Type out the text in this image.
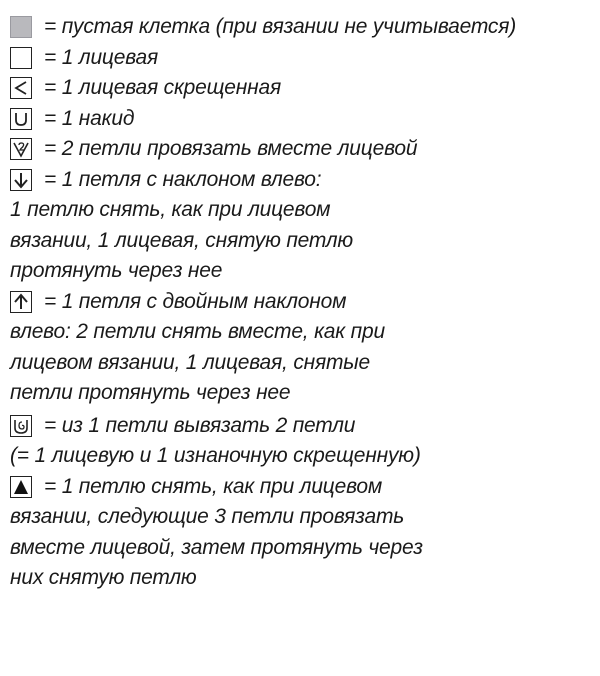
= пустая клетка (при вязании не учитывается)
= 1 лицевая
= 1 лицевая скрещенная
= 1 накид
= 2 петли провязать вместе лицевой
= 1 петля с наклоном влево:
1 петлю снять, как при лицевом
вязании, 1 лицевая, снятую петлю
протянуть через нее
= 1 петля с двойным наклоном
влево: 2 петли снять вместе, как при
лицевом вязании, 1 лицевая, снятые
петли протянуть через нее
= из 1 петли вывязать 2 петли
(= 1 лицевую и 1 изнаночную скрещенную)
= 1 петлю снять, как при лицевом
вязании, следующие 3 петли провязать
вместе лицевой, затем протянуть через
них снятую петлю
